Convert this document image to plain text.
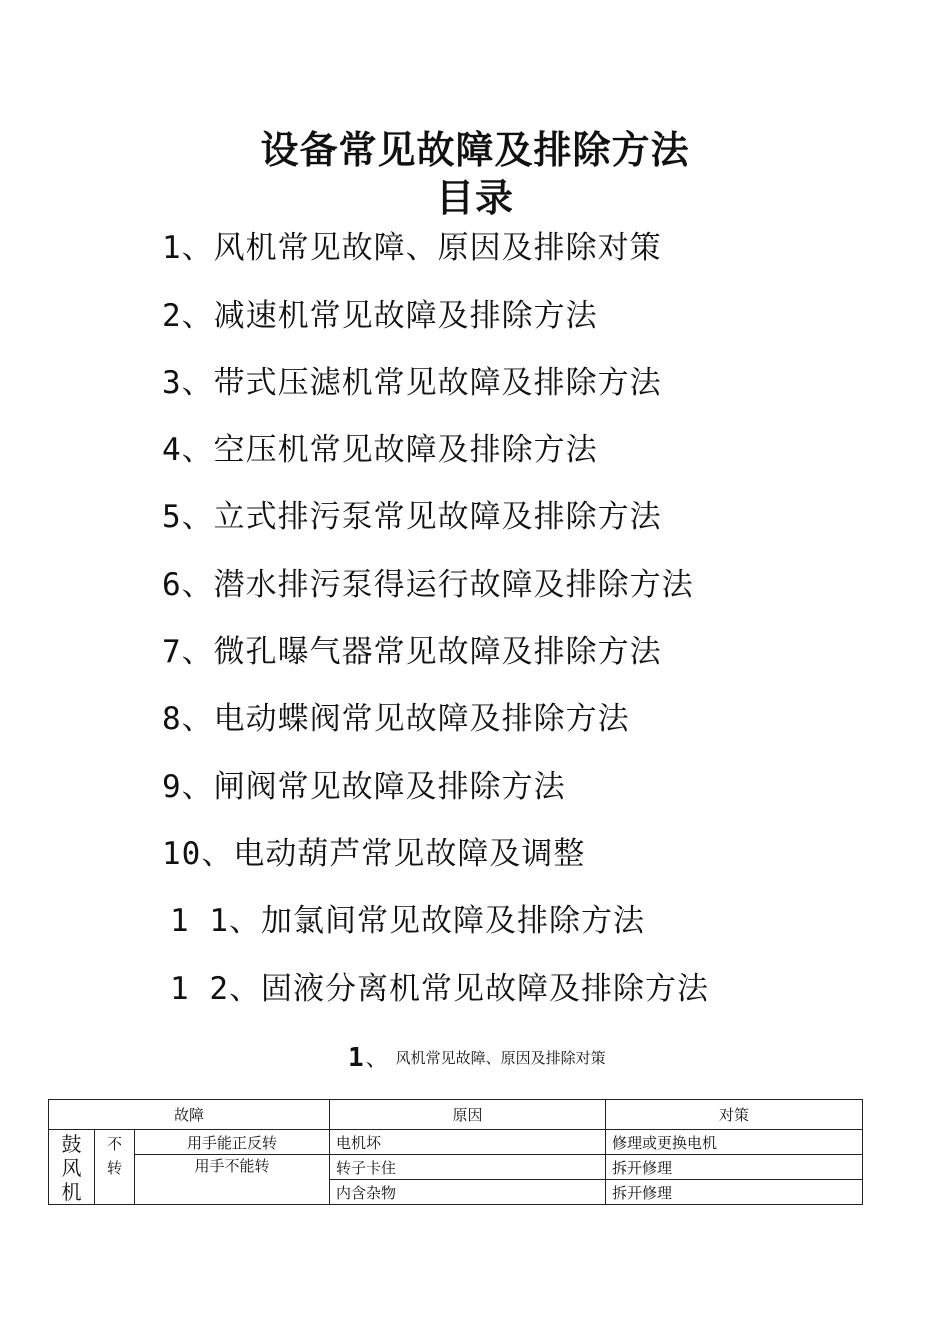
设备常见故障及排除方法
目录
1、风机常见故障、原因及排除对策
2、减速机常见故障及排除方法
3、带式压滤机常见故障及排除方法
4、空压机常见故障及排除方法
5、立式排污泵常见故障及排除方法
6、潜水排污泵得运行故障及排除方法
7、微孔曝气器常见故障及排除方法
8、电动蝶阀常见故障及排除方法
9、闸阀常见故障及排除方法
10、电动葫芦常见故障及调整
1 1、加氯间常见故障及排除方法
1 2、固液分离机常见故障及排除方法
1、 风机常见故障、原因及排除对策
故障			原因	对策
鼓风机	不转	用手能正反转	电机坏	修理或更换电机
		用手不能转	转子卡住	拆开修理
			内含杂物	拆开修理
